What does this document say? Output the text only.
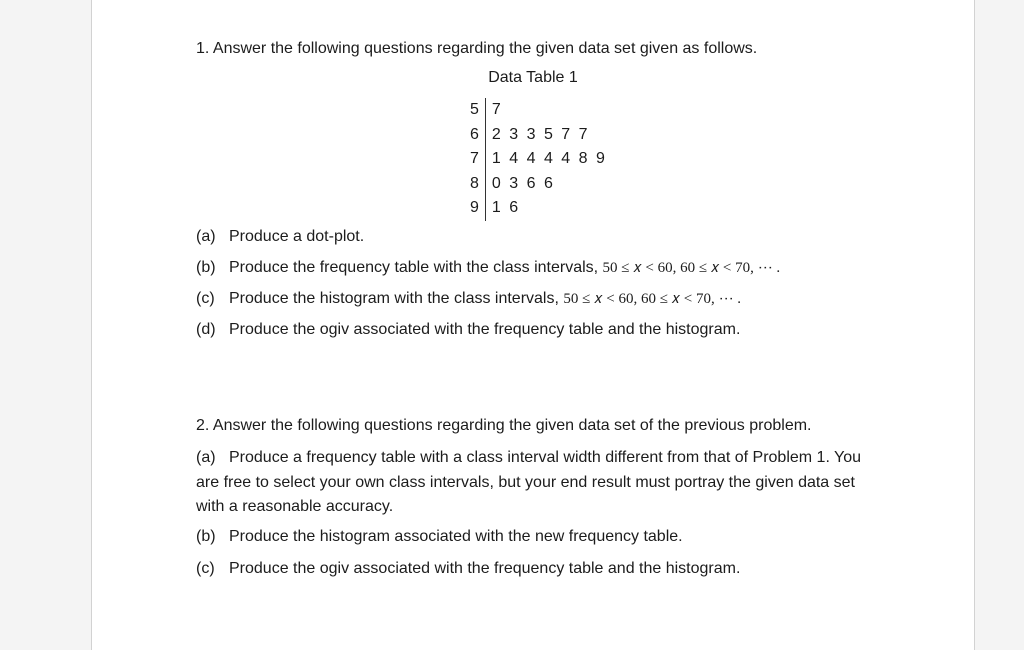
1. Answer the following questions regarding the given data set given as follows.
Data Table 1
5	7
6	2 3 3 5 7 7
7	1 4 4 4 4 8 9
8	0 3 6 6
9	1 6
(a) Produce a dot-plot.
(b) Produce the frequency table with the class intervals, 50 ≤ 𝑥 < 60, 60 ≤ 𝑥 < 70, ⋯ .
(c) Produce the histogram with the class intervals, 50 ≤ 𝑥 < 60, 60 ≤ 𝑥 < 70, ⋯ .
(d) Produce the ogiv associated with the frequency table and the histogram.
2. Answer the following questions regarding the given data set of the previous problem.
(a) Produce a frequency table with a class interval width different from that of Problem 1. You are free to select your own class intervals, but your end result must portray the given data set with a reasonable accuracy.
(b) Produce the histogram associated with the new frequency table.
(c) Produce the ogiv associated with the frequency table and the histogram.
